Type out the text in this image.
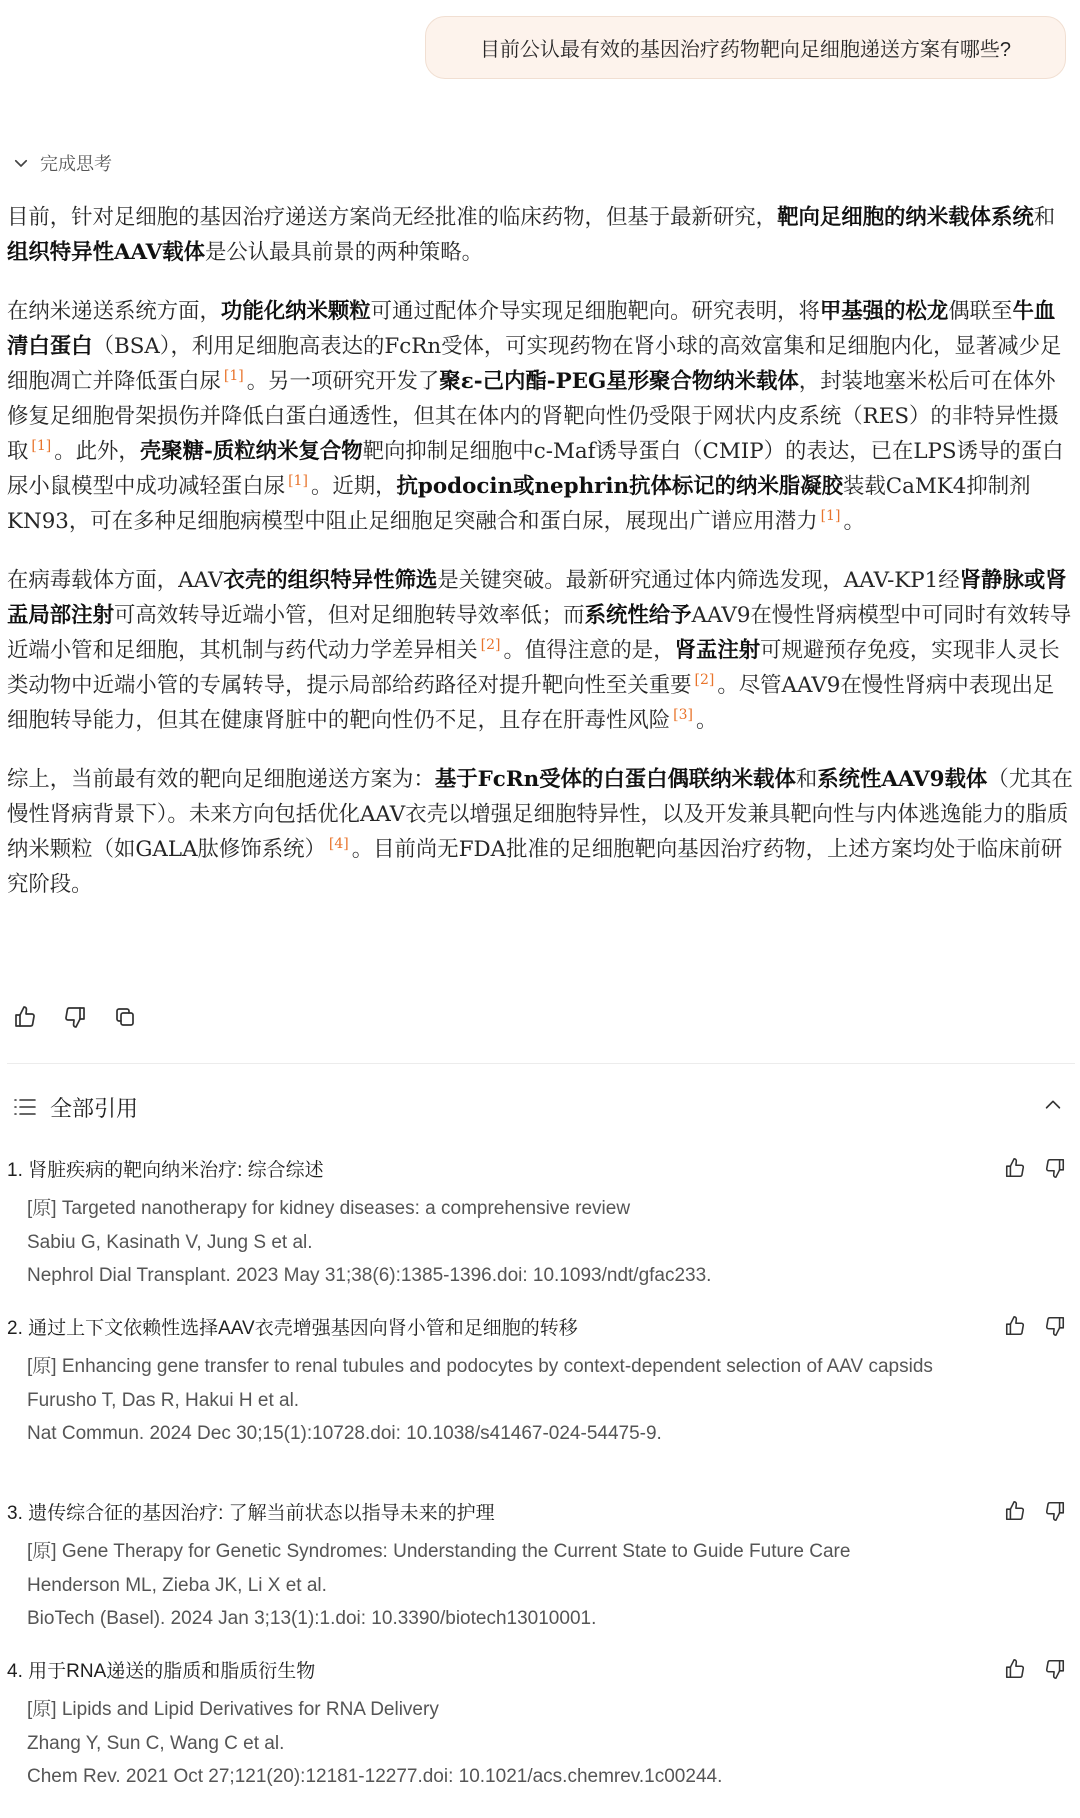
目前公认最有效的基因治疗药物靶向足细胞递送方案有哪些?
完成思考

目前，针对足细胞的基因治疗递送方案尚无经批准的临床药物，但基于最新研究，靶向足细胞的纳米载体系统和组织特异性AAV载体是公认最具前景的两种策略。

在纳米递送系统方面，功能化纳米颗粒可通过配体介导实现足细胞靶向。研究表明，将甲基强的松龙偶联至牛血清白蛋白（BSA），利用足细胞高表达的FcRn受体，可实现药物在肾小球的高效富集和足细胞内化，显著减少足细胞凋亡并降低蛋白尿 [1] 。另一项研究开发了聚ε-己内酯-PEG星形聚合物纳米载体，封装地塞米松后可在体外修复足细胞骨架损伤并降低白蛋白通透性，但其在体内的肾靶向性仍受限于网状内皮系统（RES）的非特异性摄取 [1] 。此外，壳聚糖-质粒纳米复合物靶向抑制足细胞中c-Maf诱导蛋白（CMIP）的表达，已在LPS诱导的蛋白尿小鼠模型中成功减轻蛋白尿 [1] 。近期，抗podocin或nephrin抗体标记的纳米脂凝胶装载CaMK4抑制剂KN93，可在多种足细胞病模型中阻止足细胞足突融合和蛋白尿，展现出广谱应用潜力 [1] 。

在病毒载体方面，AAV衣壳的组织特异性筛选是关键突破。最新研究通过体内筛选发现，AAV-KP1经肾静脉或肾盂局部注射可高效转导近端小管，但对足细胞转导效率低；而系统性给予AAV9在慢性肾病模型中可同时有效转导近端小管和足细胞，其机制与药代动力学差异相关 [2] 。值得注意的是，肾盂注射可规避预存免疫，实现非人灵长类动物中近端小管的专属转导，提示局部给药路径对提升靶向性至关重要 [2] 。尽管AAV9在慢性肾病中表现出足细胞转导能力，但其在健康肾脏中的靶向性仍不足，且存在肝毒性风险 [3] 。

综上，当前最有效的靶向足细胞递送方案为：基于FcRn受体的白蛋白偶联纳米载体和系统性AAV9载体（尤其在慢性肾病背景下）。未来方向包括优化AAV衣壳以增强足细胞特异性，以及开发兼具靶向性与内体逃逸能力的脂质纳米颗粒（如GALA肽修饰系统） [4] 。目前尚无FDA批准的足细胞靶向基因治疗药物，上述方案均处于临床前研究阶段。

全部引用
1. 肾脏疾病的靶向纳米治疗: 综合综述
[原] Targeted nanotherapy for kidney diseases: a comprehensive review
Sabiu G, Kasinath V, Jung S et al.
Nephrol Dial Transplant. 2023 May 31;38(6):1385-1396.doi: 10.1093/ndt/gfac233.
2. 通过上下文依赖性选择AAV衣壳增强基因向肾小管和足细胞的转移
[原] Enhancing gene transfer to renal tubules and podocytes by context-dependent selection of AAV capsids
Furusho T, Das R, Hakui H et al.
Nat Commun. 2024 Dec 30;15(1):10728.doi: 10.1038/s41467-024-54475-9.
3. 遗传综合征的基因治疗: 了解当前状态以指导未来的护理
[原] Gene Therapy for Genetic Syndromes: Understanding the Current State to Guide Future Care
Henderson ML, Zieba JK, Li X et al.
BioTech (Basel). 2024 Jan 3;13(1):1.doi: 10.3390/biotech13010001.
4. 用于RNA递送的脂质和脂质衍生物
[原] Lipids and Lipid Derivatives for RNA Delivery
Zhang Y, Sun C, Wang C et al.
Chem Rev. 2021 Oct 27;121(20):12181-12277.doi: 10.1021/acs.chemrev.1c00244.
